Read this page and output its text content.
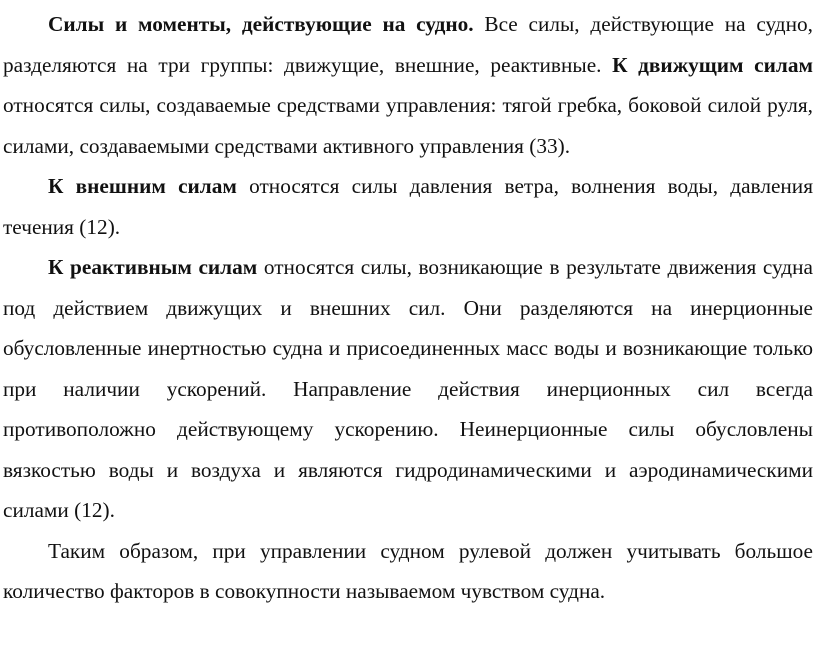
Силы и моменты, действующие на судно. Все силы, действующие на судно, разделяются на три группы: движущие, внешние, реактивные. К движущим силам относятся силы, создаваемые средствами управления: тягой гребка, боковой силой руля, силами, создаваемыми средствами активного управления (33).

К внешним силам относятся силы давления ветра, волнения воды, давления течения (12).

К реактивным силам относятся силы, возникающие в результате движения судна под действием движущих и внешних сил. Они разделяются на инерционные обусловленные инертностью судна и присоединенных масс воды и возникающие только при наличии ускорений. Направление действия инерционных сил всегда противоположно действующему ускорению. Неинерционные силы обусловлены вязкостью воды и воздуха и являются гидродинамическими и аэродинамическими силами (12).

Таким образом, при управлении судном рулевой должен учитывать большое количество факторов в совокупности называемом чувством судна.
